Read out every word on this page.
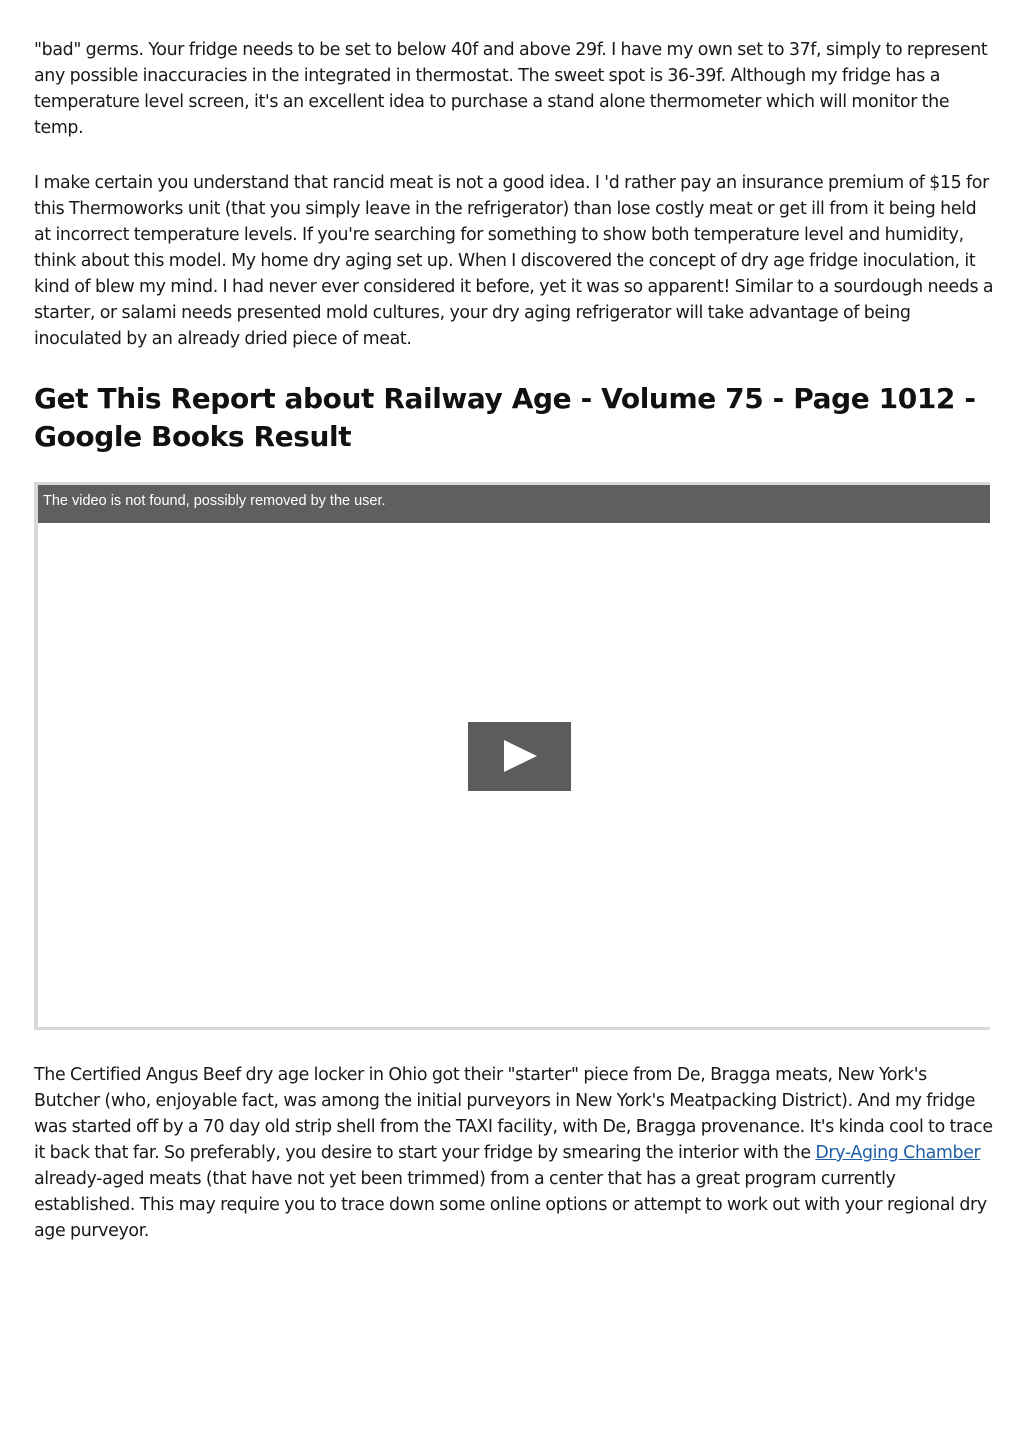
"bad" germs. Your fridge needs to be set to below 40f and above 29f. I have my own set to 37f, simply to represent any possible inaccuracies in the integrated in thermostat. The sweet spot is 36-39f. Although my fridge has a temperature level screen, it's an excellent idea to purchase a stand alone thermometer which will monitor the temp.

I make certain you understand that rancid meat is not a good idea. I 'd rather pay an insurance premium of $15 for this Thermoworks unit (that you simply leave in the refrigerator) than lose costly meat or get ill from it being held at incorrect temperature levels. If you're searching for something to show both temperature level and humidity, think about this model. My home dry aging set up. When I discovered the concept of dry age fridge inoculation, it kind of blew my mind. I had never ever considered it before, yet it was so apparent! Similar to a sourdough needs a starter, or salami needs presented mold cultures, your dry aging refrigerator will take advantage of being inoculated by an already dried piece of meat.

Get This Report about Railway Age - Volume 75 - Page 1012 - Google Books Result
The video is not found, possibly removed by the user.

The Certified Angus Beef dry age locker in Ohio got their "starter" piece from De, Bragga meats, New York's Butcher (who, enjoyable fact, was among the initial purveyors in New York's Meatpacking District). And my fridge was started off by a 70 day old strip shell from the TAXI facility, with De, Bragga provenance. It's kinda cool to trace it back that far. So preferably, you desire to start your fridge by smearing the interior with the Dry-Aging Chamber already-aged meats (that have not yet been trimmed) from a center that has a great program currently established. This may require you to trace down some online options or attempt to work out with your regional dry age purveyor.
